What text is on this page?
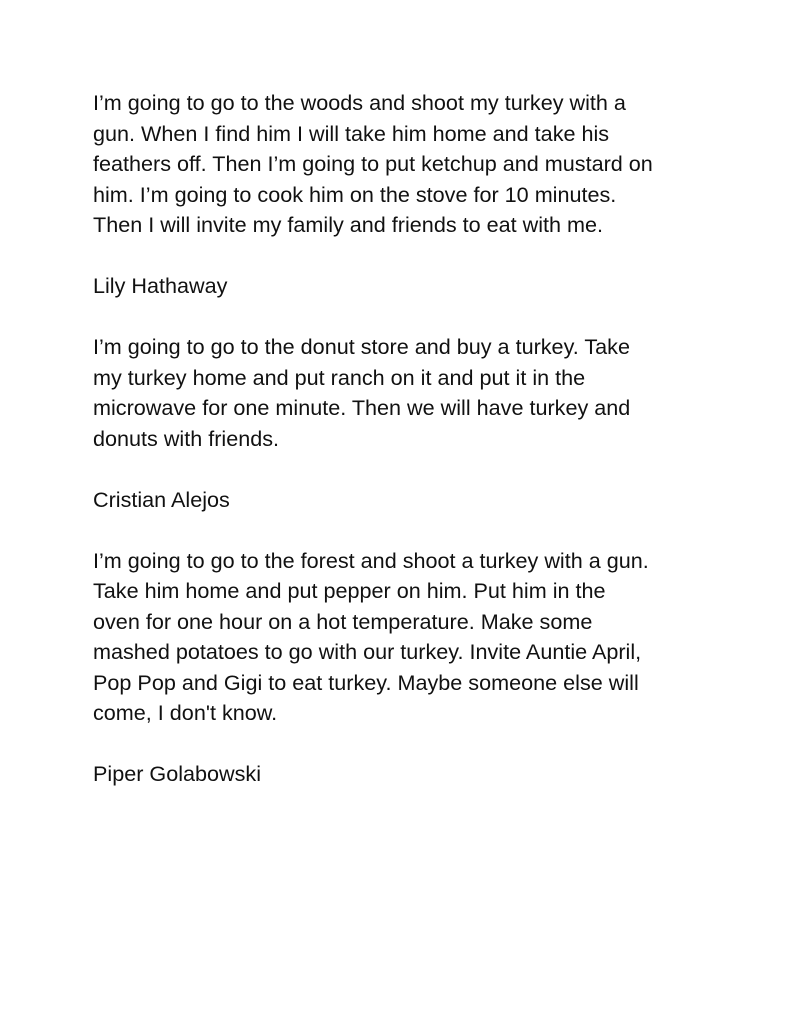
I’m going to go to the woods and shoot my turkey with a
gun. When I find him I will take him home and take his
feathers off. Then I’m going to put ketchup and mustard on
him. I’m going to cook him on the stove for 10 minutes.
Then I will invite my family and friends to eat with me.
Lily Hathaway
I’m going to go to the donut store and buy a turkey. Take
my turkey home and put ranch on it and put it in the
microwave for one minute. Then we will have turkey and
donuts with friends.
Cristian Alejos
I’m going to go to the forest and shoot a turkey with a gun.
Take him home and put pepper on him. Put him in the
oven for one hour on a hot temperature. Make some
mashed potatoes to go with our turkey. Invite Auntie April,
Pop Pop and Gigi to eat turkey. Maybe someone else will
come, I don't know.
Piper Golabowski
